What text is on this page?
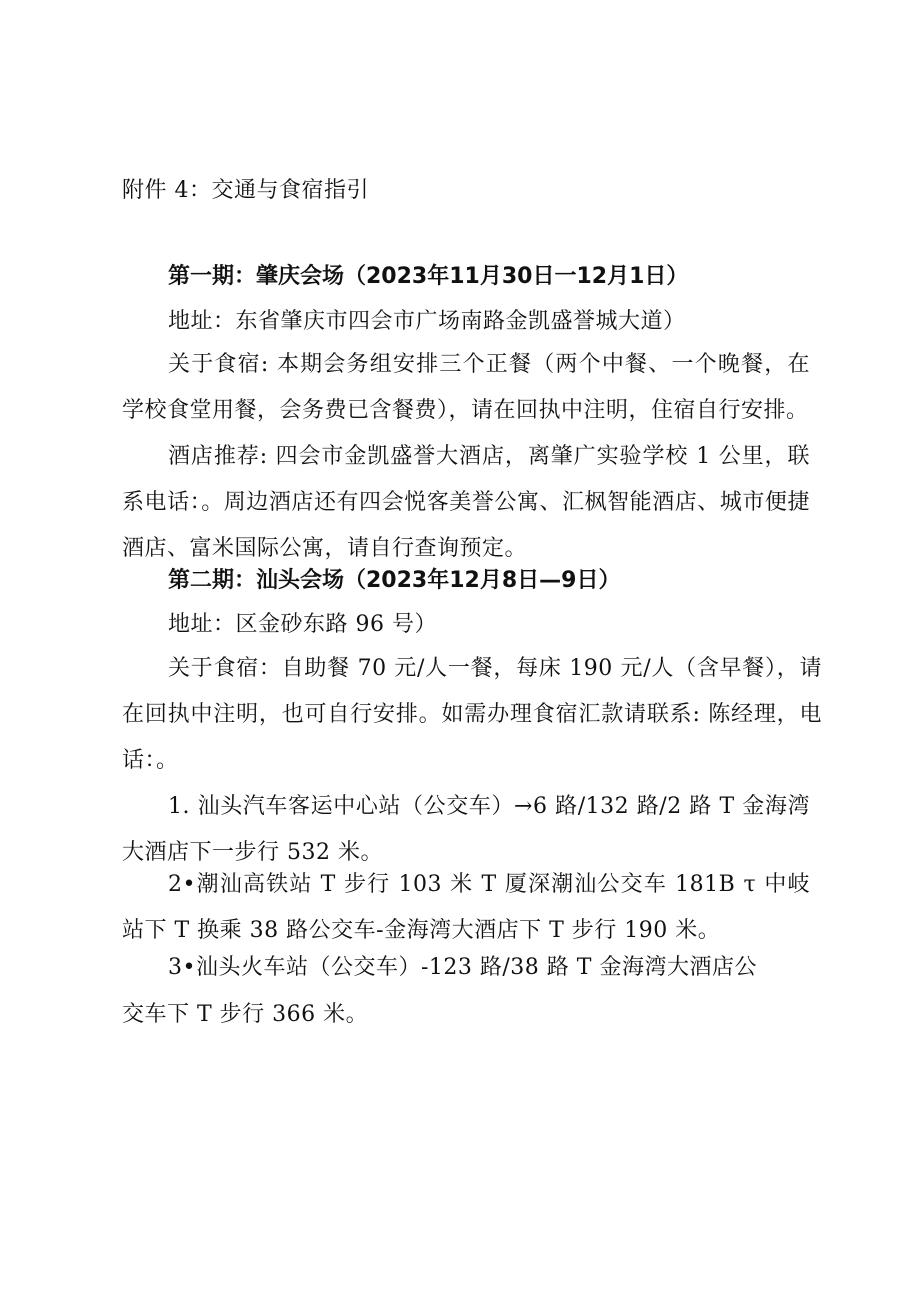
附件 4：交通与食宿指引
第一期：肇庆会场（2023年11月30日一12月1日）
地址：东省肇庆市四会市广场南路金凯盛誉城大道）
关于食宿: 本期会务组安排三个正餐（两个中餐、一个晚餐，在学校食堂用餐，会务费已含餐费），请在回执中注明，住宿自行安排。
酒店推荐: 四会市金凯盛誉大酒店，离肇广实验学校 1 公里，联系电话：。周边酒店还有四会悦客美誉公寓、汇枫智能酒店、城市便捷酒店、富米国际公寓，请自行查询预定。
第二期：汕头会场（2023年12月8日—9日）
地址：区金砂东路 96 号）
关于食宿：自助餐 70 元/人一餐，每床 190 元/人（含早餐），请在回执中注明，也可自行安排。如需办理食宿汇款请联系: 陈经理，电话：。
1. 汕头汽车客运中心站（公交车）→6 路/132 路/2 路 T 金海湾大酒店下一步行 532 米。
2•潮汕高铁站 T 步行 103 米 T 厦深潮汕公交车 181B τ 中岐站下 T 换乘 38 路公交车-金海湾大酒店下 T 步行 190 米。
3•汕头火车站（公交车）-123 路/38 路 T 金海湾大酒店公
交车下 T 步行 366 米。
